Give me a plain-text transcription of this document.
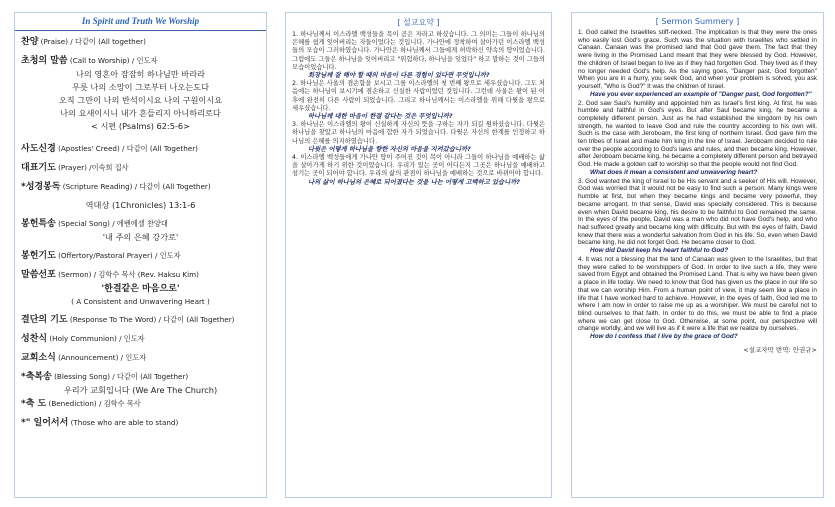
In Spirit and Truth We Worship
찬양 (Praise) / 다같이 (All together)
초청의 말씀 (Call to Worship) / 인도자
나의 영혼아 잠잠히 하나님만 바라라
무릇 나의 소망이 그로부터 나오는도다
오직 그만이 나의 반석이시요 나의 구원이시요
나의 요새이시니 내가 흔들리지 아니하리로다
< 시편 (Psalms) 62:5-6>
사도신경 (Apostles' Creed) / 다같이 (All Together)
대표기도 (Prayer) /이숙희 집사
*성경봉독 (Scripture Reading) / 다같이 (All Together)
역대상 (1Chronicles) 13:1-6
봉헌특송 (Special Song) / 에벤에셀 찬양대
'내 주의 은혜 강가로'
봉헌기도 (Offertory/Pastoral Prayer) / 인도자
말씀선포 (Sermon) / 김학수 목사 (Rev. Haksu Kim)
'한결같은 마음으로'
( A Consistent and Unwavering Heart )
결단의 기도 (Response To The Word) / 다같이 (All Together)
성찬식 (Holy Communion) / 인도자
교회소식 (Announcement) / 인도자
*축복송 (Blessing Song) / 다같이 (All Together)
우리가 교회입니다 (We Are The Church)
*축 도 (Benediction) / 김학수 목사
*" 일어서서 (Those who are able to stand)
[ 설교요약 ]

1. 하나님께서 이스라엘 백성들을 목이 곧은 자라고 하셨습니다. 그 의미는 그들이 하나님의 은혜를 쉽게 잊어버리는 자들이었다는 것입니다. 가나안에 정착하여 살아가던 이스라엘 백성들의 모습이 그러하였습니다. 가나안은 하나님께서 그들에게 허락하신 약속의 땅이었습니다. 그럼에도 그들은 하나님을 잊어버리고 "위험하다, 하나님을 잊었다" 하고 말하는 것이 그들의 모습이었습니다.

회장님께 잘 해야 할 때의 마음이 다른 경험이 있다면 무엇입니까?

2. 하나님은 사울의 겸손함을 보시고 그를 이스라엘의 첫 번째 왕으로 세우셨습니다. 그도 처음에는 하나님이 보시기에 겸손하고 신실한 사람이었던 것입니다. 그런데 사울은 왕이 된 이후에 완전히 다른 사람이 되었습니다. 그리고 하나님께서는 이스라엘을 위해 다윗을 왕으로 세우셨습니다.

하나님께 대한 마음이 한결 같다는 것은 무엇입니까?

3. 하나님은 이스라엘의 왕이 신실하게 자신의 뜻을 구하는 자가 되길 원하셨습니다. 다윗은 하나님을 찾았고 하나님의 마음에 합한 자가 되었습니다. 다윗은 자신의 한계를 인정하고 하나님의 은혜를 의지하였습니다.

다윗은 어떻게 하나님을 향한 자신의 마음을 지켜갔습니까?

4. 이스라엘 백성들에게 가나안 땅이 주어진 것이 복이 아니라 그들이 하나님을 예배하는 삶을 살아가게 하기 위한 것이었습니다. 우리가 있는 곳이 어디든지 그곳은 하나님을 예배하고 섬기는 곳이 되어야 합니다. 우리의 삶의 관점이 하나님을 예배하는 것으로 바뀌어야 합니다.

나의 삶이 하나님의 은혜로 되어졌다는 것을 나는 어떻게 고백하고 있습니까?

[ Sermon Summery ]

1. God called the Israelites stiff-necked. The implication is that they were the ones who easily lost God's grace. Such was the situation with Israelites who settled in Canaan. Canaan was the promised land that God gave them. The fact that they were living in the Promised Land meant that they were blessed by God. However, the children of Israel began to live as if they had forgotten God. They lived as if they no longer needed God's help. As the saying goes, "Danger past, God forgotten" When you are in a hurry, you seek God, and when your problem is solved, you ask yourself, "Who is God?" It was the children of Israel.

Have you ever experienced an example of "Danger past, God forgotten?"

2. God saw Saul's humility and appointed him as Israel's first king. At first, he was humble and faithful in God's eyes. But after Saul became king, he became a completely different person. Just as he had established the kingdom by his own strength, he wanted to leave God and rule the country according to his own will. Such is the case with Jeroboam, the first king of northern Israel. God gave him the ten tribes of Israel and made him king in the line of Israel. Jeroboam decided to rule over the people according to God's laws and rules, and then became king. However, after Jeroboam became king, he became a completely different person and betrayed God. He made a golden calf to worship so that the people would not find God.

What does it mean a consistent and unwavering heart?

3. God wanted the king of Israel to be His servant and a seeker of His will. However, God was worried that it would not be easy to find such a person. Many kings were humble at first, but when they became kings and became very powerful, they became arrogant. In that sense, David was specially considered. This is because even when David became king, his desire to be faithful to God remained the same. In the eyes of the people, David was a man who did not have God's help, and who had suffered greatly and became king with difficulty. But with the eyes of faith, David knew that there was a wonderful salvation from God in his life. So, even when David became king, he did not forget God. He became closer to God.

How did David keep his heart faithful to God?

4. It was not a blessing that the land of Canaan was given to the Israelites, but that they were called to be worshippers of God. In order to live such a life, they were saved from Egypt and obtained the Promised Land. That is why we have been given a place in life today. We need to know that God has given us the place in our life so that we can worship Him. From a human point of view, it may seem like a place in life that I have worked hard to achieve. However, in the eyes of faith, God led me to where I am now in order to raise me up as a worshiper. We must be careful not to blind ourselves to that faith. In order to do this, we must be able to find a place where we can get close to God. Otherwise, at some point, our perspective will change worldly, and we will live as if it were a life that we realize by ourselves.

How do I confess that I live by the grace of God?

<설교자막 번역: 안권규>
